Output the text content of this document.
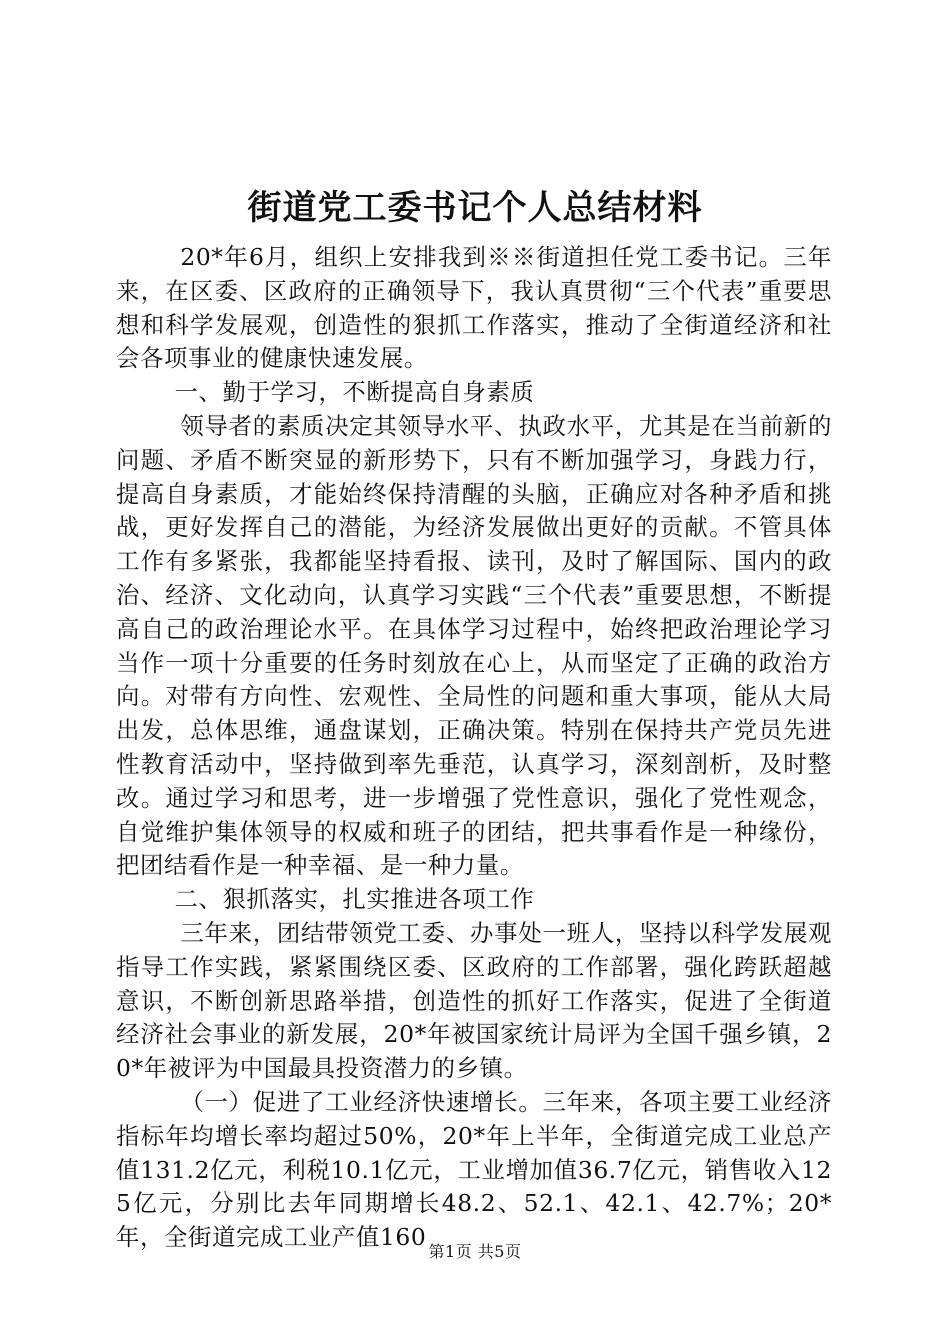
街道党工委书记个人总结材料

20*年6月，组织上安排我到※※街道担任党工委书记。三年来，在区委、区政府的正确领导下，我认真贯彻“三个代表”重要思想和科学发展观，创造性的狠抓工作落实，推动了全街道经济和社会各项事业的健康快速发展。

一、勤于学习，不断提高自身素质

领导者的素质决定其领导水平、执政水平，尤其是在当前新的问题、矛盾不断突显的新形势下，只有不断加强学习，身践力行，提高自身素质，才能始终保持清醒的头脑，正确应对各种矛盾和挑战，更好发挥自己的潜能，为经济发展做出更好的贡献。不管具体工作有多紧张，我都能坚持看报、读刊，及时了解国际、国内的政治、经济、文化动向，认真学习实践“三个代表”重要思想，不断提高自己的政治理论水平。在具体学习过程中，始终把政治理论学习当作一项十分重要的任务时刻放在心上，从而坚定了正确的政治方向。对带有方向性、宏观性、全局性的问题和重大事项，能从大局出发，总体思维，通盘谋划，正确决策。特别在保持共产党员先进性教育活动中，坚持做到率先垂范，认真学习，深刻剖析，及时整改。通过学习和思考，进一步增强了党性意识，强化了党性观念，自觉维护集体领导的权威和班子的团结，把共事看作是一种缘份，把团结看作是一种幸福、是一种力量。

二、狠抓落实，扎实推进各项工作

三年来，团结带领党工委、办事处一班人，坚持以科学发展观指导工作实践，紧紧围绕区委、区政府的工作部署，强化跨跃超越意识，不断创新思路举措，创造性的抓好工作落实，促进了全街道经济社会事业的新发展，20*年被国家统计局评为全国千强乡镇，20*年被评为中国最具投资潜力的乡镇。

（一）促进了工业经济快速增长。三年来，各项主要工业经济指标年均增长率均超过50%，20*年上半年，全街道完成工业总产值131.2亿元，利税10.1亿元，工业增加值36.7亿元，销售收入125亿元，分别比去年同期增长48.2、52.1、42.1、42.7%；20*年，全街道完成工业产值160

第1页 共5页
